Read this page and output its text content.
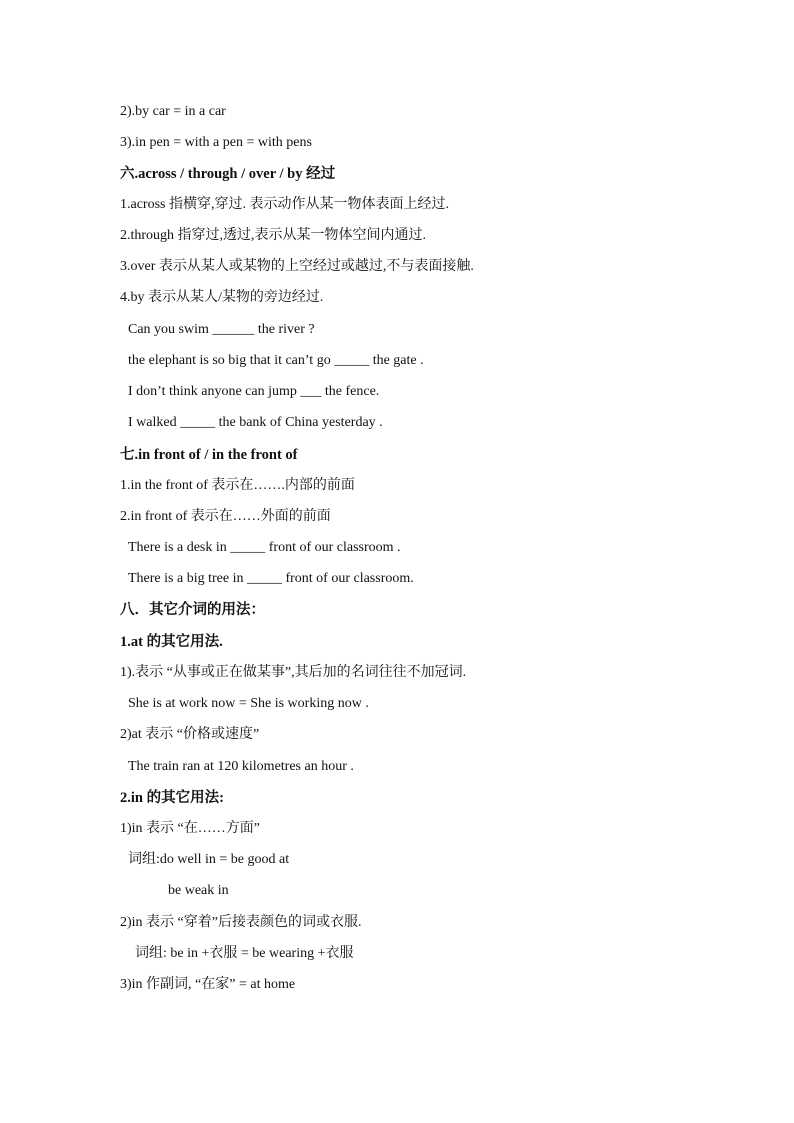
2).by car = in a car
3).in pen = with a pen = with pens
六.across / through / over / by 经过
1.across 指横穿,穿过. 表示动作从某一物体表面上经过.
2.through 指穿过,透过,表示从某一物体空间内通过.
3.over 表示从某人或某物的上空经过或越过,不与表面接触.
4.by 表示从某人/某物的旁边经过.
Can you swim ______ the river ?
the elephant is so big that it can’t go _____ the gate .
I don’t think anyone can jump ___ the fence.
I walked _____ the bank of China yesterday .
七.in front of / in the front of
1.in the front of 表示在…….内部的前面
2.in front of 表示在……外面的前面
There is a desk in _____ front of our classroom .
There is a big tree in _____ front of our classroom.
八．其它介词的用法：
1.at 的其它用法.
1).表示 “从事或正在做某事”,其后加的名词往往不加冠词.
She is at work now = She is working now .
2)at 表示 “价格或速度”
The train ran at 120 kilometres an hour .
2.in 的其它用法:
1)in 表示 “在……方面”
词组:do well in = be good at
be weak in
2)in 表示 “穿着”后接表颜色的词或衣服.
词组: be in +衣服 = be wearing +衣服
3)in 作副词, “在家” = at home
